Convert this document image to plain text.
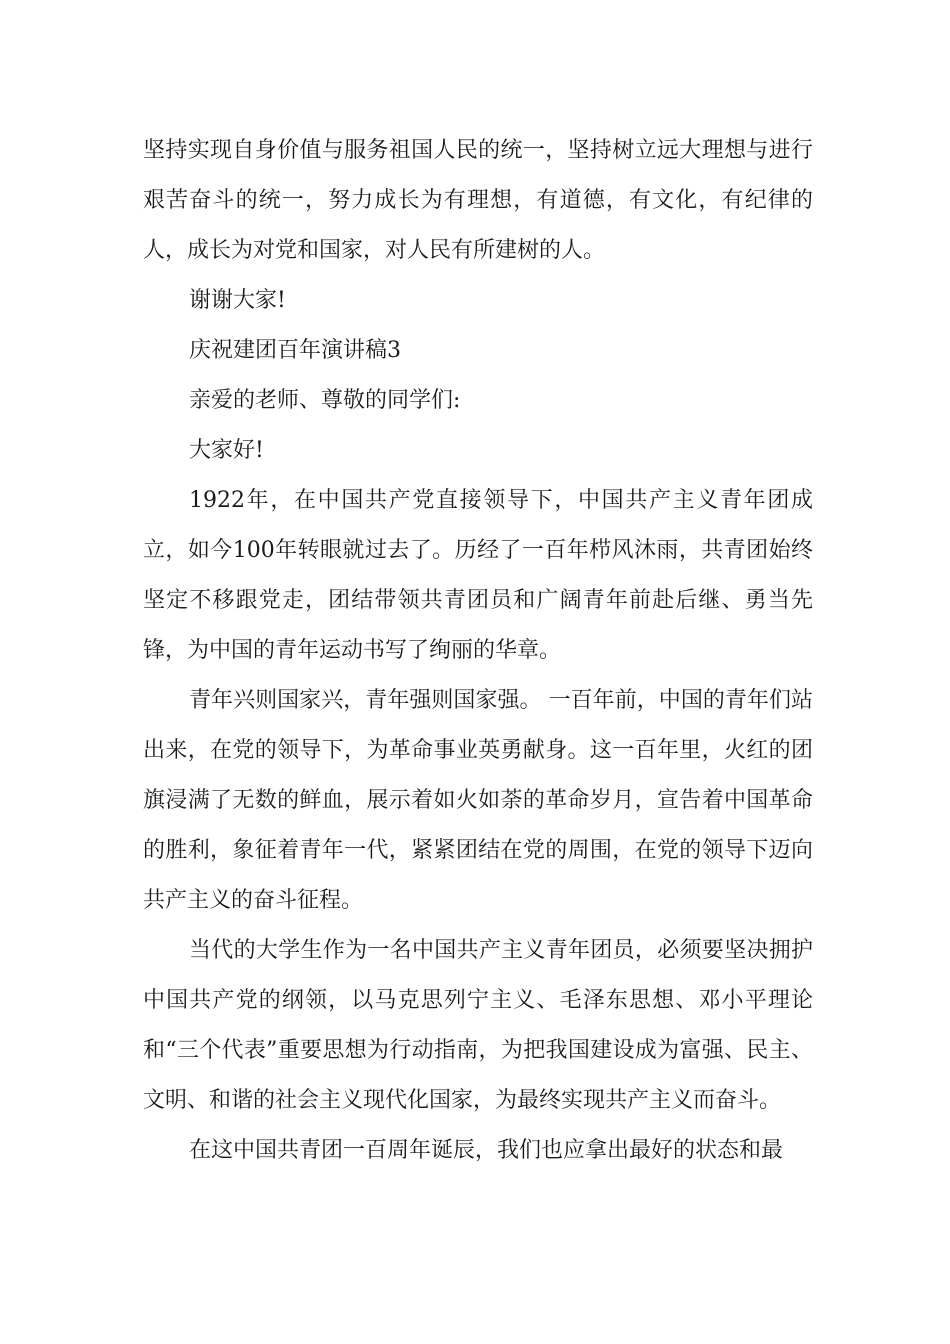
坚持实现自身价值与服务祖国人民的统一，坚持树立远大理想与进行艰苦奋斗的统一，努力成长为有理想，有道德，有文化，有纪律的人，成长为对党和国家，对人民有所建树的人。

谢谢大家!

庆祝建团百年演讲稿3

亲爱的老师、尊敬的同学们:

大家好!

1922年，在中国共产党直接领导下，中国共产主义青年团成立，如今100年转眼就过去了。历经了一百年栉风沐雨，共青团始终坚定不移跟党走，团结带领共青团员和广阔青年前赴后继、勇当先锋，为中国的青年运动书写了绚丽的华章。

青年兴则国家兴，青年强则国家强。 一百年前，中国的青年们站出来，在党的领导下，为革命事业英勇献身。这一百年里，火红的团旗浸满了无数的鲜血，展示着如火如荼的革命岁月，宣告着中国革命的胜利，象征着青年一代，紧紧团结在党的周围，在党的领导下迈向共产主义的奋斗征程。

当代的大学生作为一名中国共产主义青年团员，必须要坚决拥护中国共产党的纲领，以马克思列宁主义、毛泽东思想、邓小平理论和“三个代表”重要思想为行动指南，为把我国建设成为富强、民主、文明、和谐的社会主义现代化国家，为最终实现共产主义而奋斗。

在这中国共青团一百周年诞辰，我们也应拿出最好的状态和最
